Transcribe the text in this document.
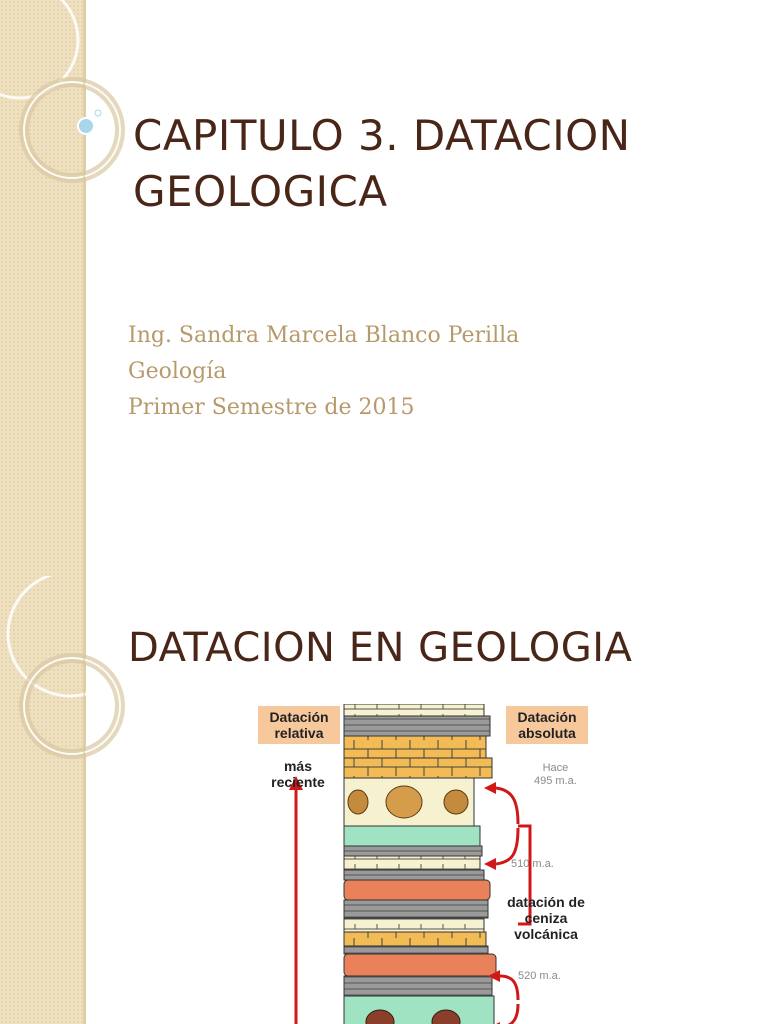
CAPITULO 3. DATACION
GEOLOGICA
Ing. Sandra Marcela Blanco Perilla
Geología
Primer Semestre de 2015
DATACION EN GEOLOGIA
Datación
relativa
más
reciente
Datación
absoluta
Hace
495 m.a.
510 m.a.
datación de
ceniza
volcánica
520 m.a.
